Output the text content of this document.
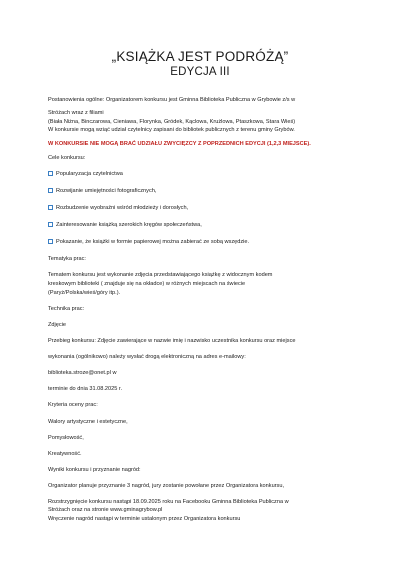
„KSIĄŻKA JEST PODRÓŻĄ”
EDYCJA III
Postanowienia ogólne: Organizatorem konkursu jest Gminna Biblioteka Publiczna w Grybowie z/s w
Stróżach wraz z filiami
(Biała Niżna, Binczarowa, Cieniawa, Florynka, Gródek, Kąclowa, Krużlowa, Ptaszkowa, Stara Wieś)
W konkursie mogą wziąć udział czytelnicy zapisani do bibliotek publicznych z terenu gminy Grybów.
W KONKURSIE NIE MOGĄ BRAĆ UDZIAŁU ZWYCIĘZCY Z POPRZEDNICH EDYCJI (1,2,3 MIEJSCE).
Cele konkursu:
Popularyzacja czytelnictwa
Rozwijanie umiejętności fotograficznych,
Rozbudzenie wyobraźni wśród młodzieży i dorosłych,
Zainteresowanie książką szerokich kręgów społeczeństwa,
Pokazanie, że książki w formie papierowej można zabierać ze sobą wszędzie.
Tematyka prac:
Tematem konkursu jest wykonanie zdjęcia przedstawiającego książkę z widocznym kodem
kreskowym biblioteki ( znajduje się na okładce) w różnych miejscach na świecie
(Paryż/Polska/wieś/góry itp.).
Technika prac:
Zdjęcie
Przebieg konkursu: Zdjęcie zawierające w nazwie imię i nazwisko uczestnika konkursu oraz miejsce
wykonania (ogólnikowo) należy wysłać drogą elektroniczną na adres e-mailowy:
biblioteka.stroze@onet.pl w
terminie do dnia 31.08.2025 r.
Kryteria oceny prac:
Walory artystyczne i estetyczne,
Pomysłowość,
Kreatywność.
Wyniki konkursu i przyznanie nagród:
Organizator planuje przyznanie 3 nagród, jury zostanie powołane przez Organizatora konkursu,
Rozstrzygnięcie konkursu nastąpi 18.09.2025 roku na Facebooku Gminna Biblioteka Publiczna w
Stróżach oraz na stronie www.gminagrybow.pl
Wręczenie nagród nastąpi w terminie ustalonym przez Organizatora konkursu
